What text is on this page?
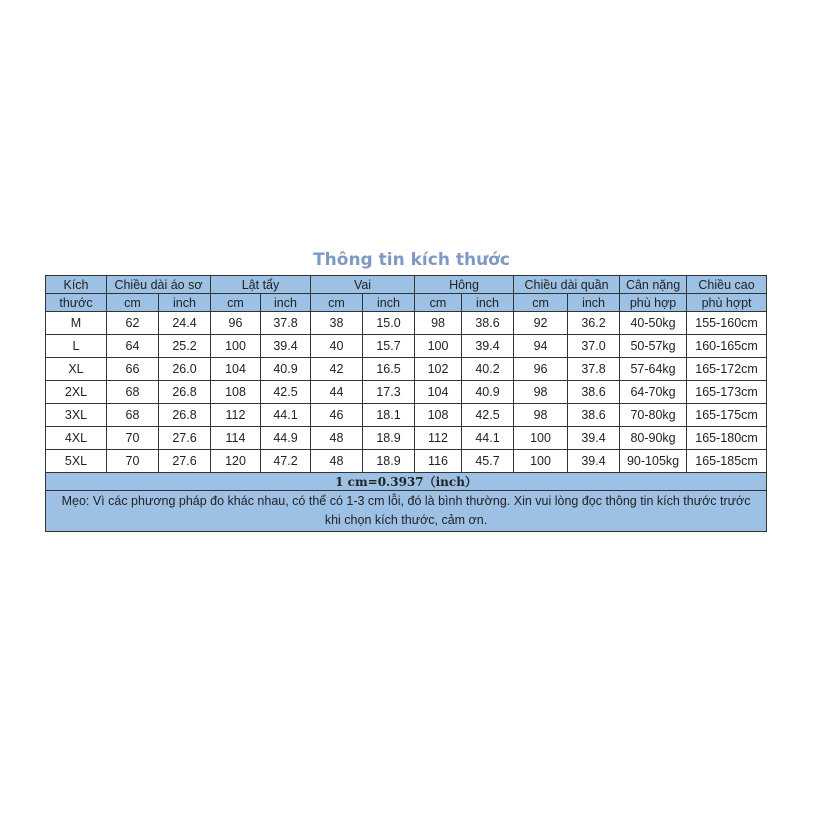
Thông tin kích thước
Kích	Chiều dài áo sơ		Lật tẩy		Vai		Hông		Chiều dài quần		Cân nặng	Chiều cao
thước	cm	inch	cm	inch	cm	inch	cm	inch	cm	inch	phù hợp	phù hợpt
M	62	24.4	96	37.8	38	15.0	98	38.6	92	36.2	40-50kg	155-160cm
L	64	25.2	100	39.4	40	15.7	100	39.4	94	37.0	50-57kg	160-165cm
XL	66	26.0	104	40.9	42	16.5	102	40.2	96	37.8	57-64kg	165-172cm
2XL	68	26.8	108	42.5	44	17.3	104	40.9	98	38.6	64-70kg	165-173cm
3XL	68	26.8	112	44.1	46	18.1	108	42.5	98	38.6	70-80kg	165-175cm
4XL	70	27.6	114	44.9	48	18.9	112	44.1	100	39.4	80-90kg	165-180cm
5XL	70	27.6	120	47.2	48	18.9	116	45.7	100	39.4	90-105kg	165-185cm
1 cm=0.3937（inch）												
Mẹo: Vì các phương pháp đo khác nhau, có thể có 1-3 cm lỗi, đó là bình thường. Xin vui lòng đọc thông tin kích thước trước khi chọn kích thước, cảm ơn.												
